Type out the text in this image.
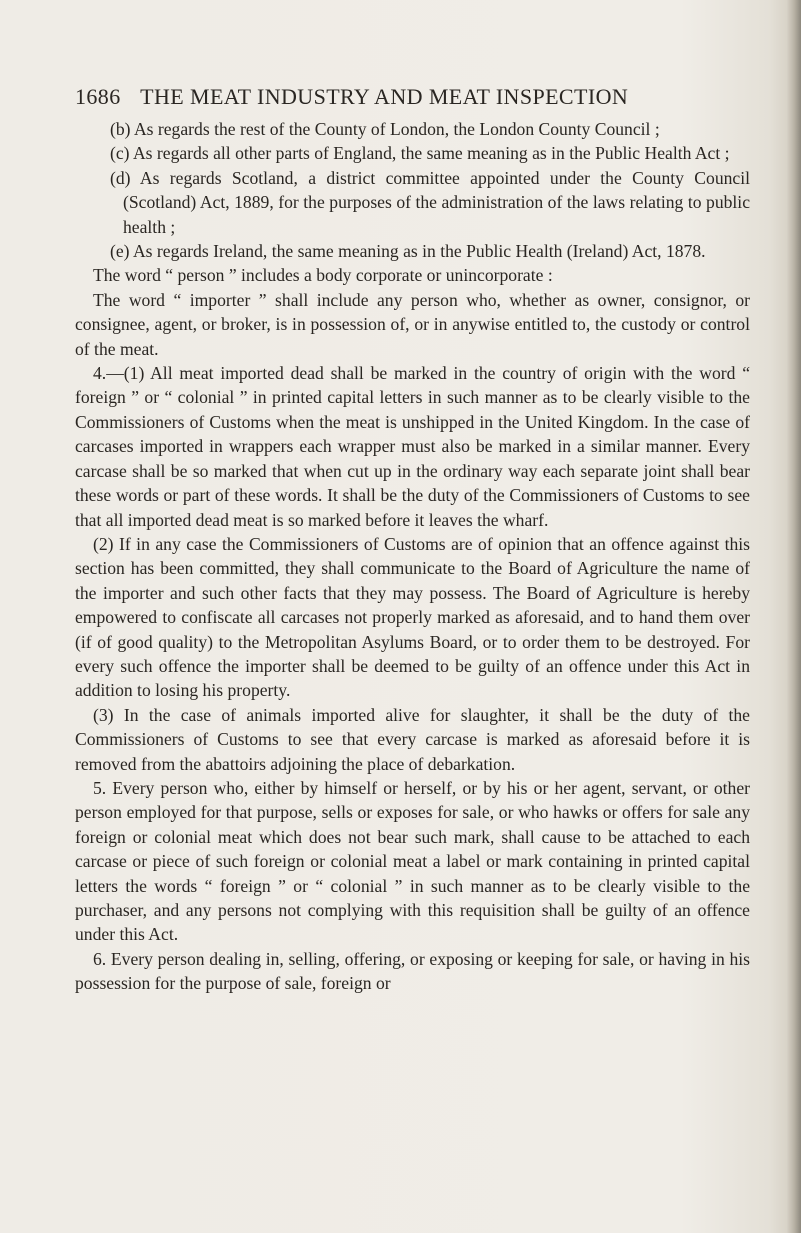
1686 THE MEAT INDUSTRY AND MEAT INSPECTION

(b) As regards the rest of the County of London, the London County Council ;

(c) As regards all other parts of England, the same meaning as in the Public Health Act ;

(d) As regards Scotland, a district committee appointed under the County Council (Scotland) Act, 1889, for the purposes of the administration of the laws relating to public health ;

(e) As regards Ireland, the same meaning as in the Public Health (Ireland) Act, 1878.

The word “ person ” includes a body corporate or unincorporate :

The word “ importer ” shall include any person who, whether as owner, consignor, or consignee, agent, or broker, is in possession of, or in anywise entitled to, the custody or control of the meat.

4.—(1) All meat imported dead shall be marked in the country of origin with the word “ foreign ” or “ colonial ” in printed capital letters in such manner as to be clearly visible to the Commissioners of Customs when the meat is unshipped in the United Kingdom. In the case of carcases imported in wrappers each wrapper must also be marked in a similar manner. Every carcase shall be so marked that when cut up in the ordinary way each separate joint shall bear these words or part of these words. It shall be the duty of the Commissioners of Customs to see that all imported dead meat is so marked before it leaves the wharf.

(2) If in any case the Commissioners of Customs are of opinion that an offence against this section has been committed, they shall communicate to the Board of Agriculture the name of the importer and such other facts that they may possess. The Board of Agriculture is hereby empowered to confiscate all carcases not properly marked as aforesaid, and to hand them over (if of good quality) to the Metropolitan Asylums Board, or to order them to be destroyed. For every such offence the importer shall be deemed to be guilty of an offence under this Act in addition to losing his property.

(3) In the case of animals imported alive for slaughter, it shall be the duty of the Commissioners of Customs to see that every carcase is marked as aforesaid before it is removed from the abattoirs adjoining the place of debarkation.

5. Every person who, either by himself or herself, or by his or her agent, servant, or other person employed for that purpose, sells or exposes for sale, or who hawks or offers for sale any foreign or colonial meat which does not bear such mark, shall cause to be attached to each carcase or piece of such foreign or colonial meat a label or mark containing in printed capital letters the words “ foreign ” or “ colonial ” in such manner as to be clearly visible to the purchaser, and any persons not complying with this requisition shall be guilty of an offence under this Act.

6. Every person dealing in, selling, offering, or exposing or keeping for sale, or having in his possession for the purpose of sale, foreign or
